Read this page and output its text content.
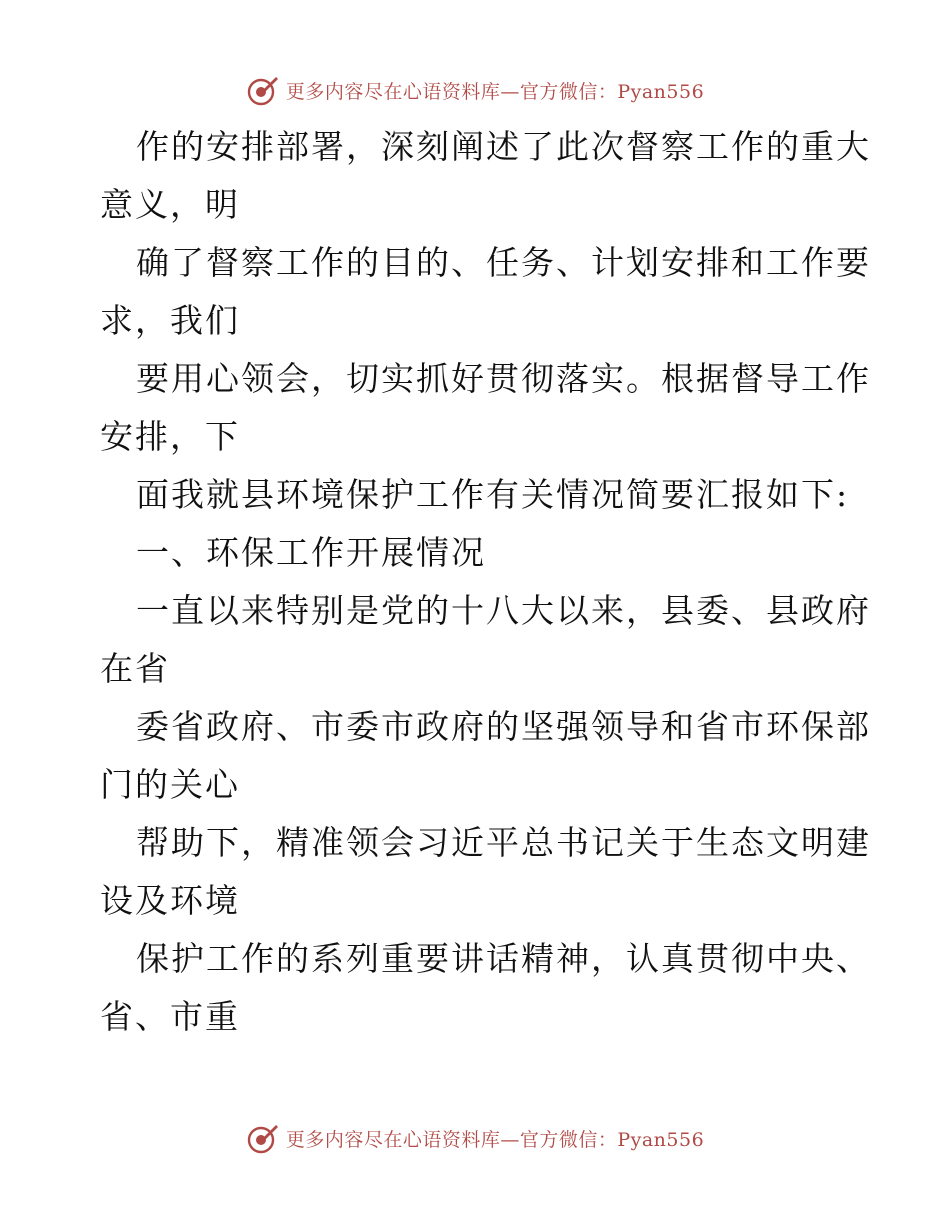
更多内容尽在心语资料库—官方微信：Pyan556

作的安排部署，深刻阐述了此次督察工作的重大

意义，明

确了督察工作的目的、任务、计划安排和工作要

求，我们

要用心领会，切实抓好贯彻落实。根据督导工作

安排，下

面我就县环境保护工作有关情况简要汇报如下:

一、环保工作开展情况

一直以来特别是党的十八大以来，县委、县政府

在省

委省政府、市委市政府的坚强领导和省市环保部

门的关心

帮助下，精准领会习近平总书记关于生态文明建

设及环境

保护工作的系列重要讲话精神，认真贯彻中央、

省、市重
更多内容尽在心语资料库—官方微信：Pyan556
